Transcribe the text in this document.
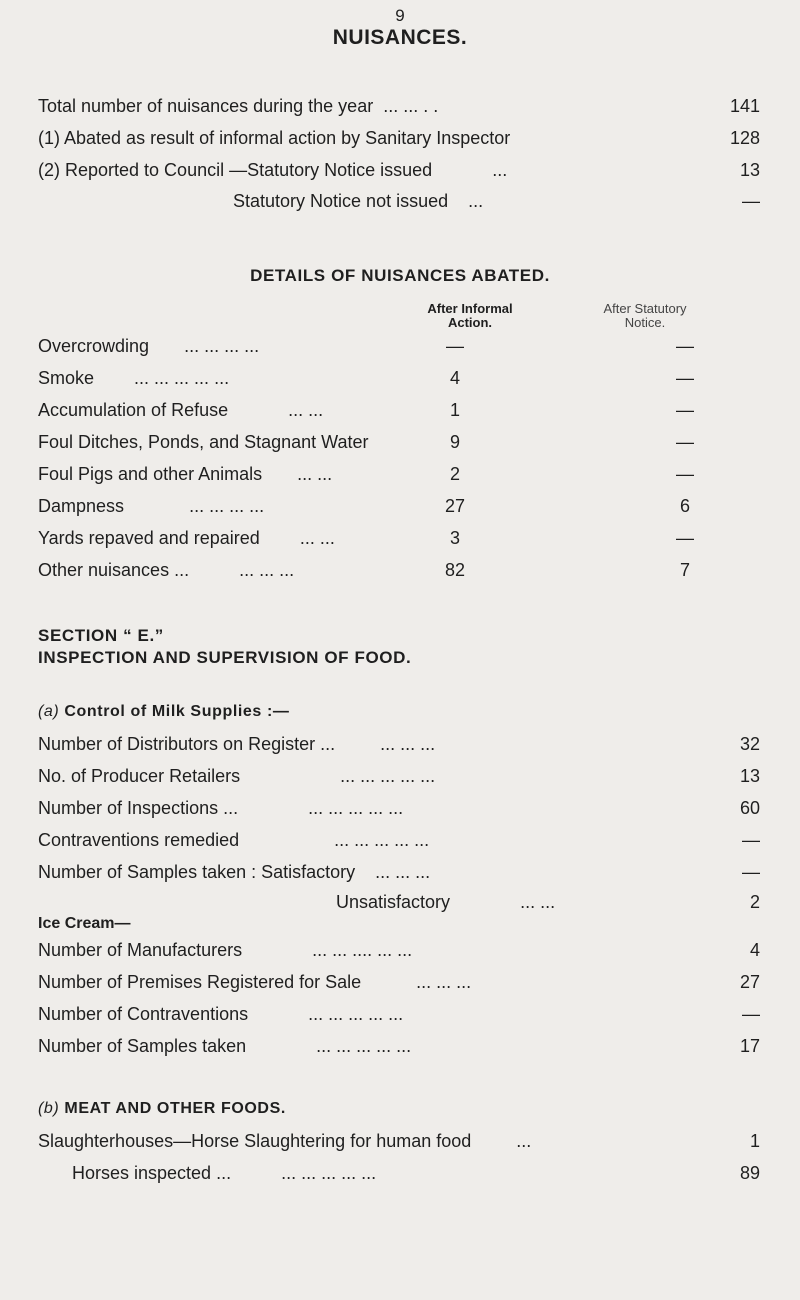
9
NUISANCES.
Total number of nuisances during the year ... ... . .	141
(1) Abated as result of informal action by Sanitary Inspector	128
(2) Reported to Council —Statutory Notice issued	...	13
Statutory Notice not issued ...	—
DETAILS OF NUISANCES ABATED.
After Informal
Action.
After Statutory
Notice.
Overcrowding ... ... ... ...	—	—
Smoke ... ... ... ... ...	4	—
Accumulation of Refuse	... ...	1	—
Foul Ditches, Ponds, and Stagnant Water	9	—
Foul Pigs and other Animals ... ...	2	—
Dampness	... ... ... ...	27	6
Yards repaved and repaired ... ...	3	—
Other nuisances ...	... ... ...	82	7
SECTION “ E.”
INSPECTION AND SUPERVISION OF FOOD.
(a) Control of Milk Supplies :—
Number of Distributors on Register ...	... ... ...	32
No. of Producer Retailers	... ... ... ... ...	13
Number of Inspections ...	... ... ... ... ...	60
Contraventions remedied	... ... ... ... ...	—
Number of Samples taken : Satisfactory ... ... ...	—
Unsatisfactory	... ...	2
Ice Cream—
Number of Manufacturers	... ... .... ... ...	4
Number of Premises Registered for Sale	... ... ...	27
Number of Contraventions	... ... ... ... ...	—
Number of Samples taken	... ... ... ... ...	17
(b) MEAT AND OTHER FOODS.
Slaughterhouses—Horse Slaughtering for human food	...	1
Horses inspected ...	... ... ... ... ...	89
